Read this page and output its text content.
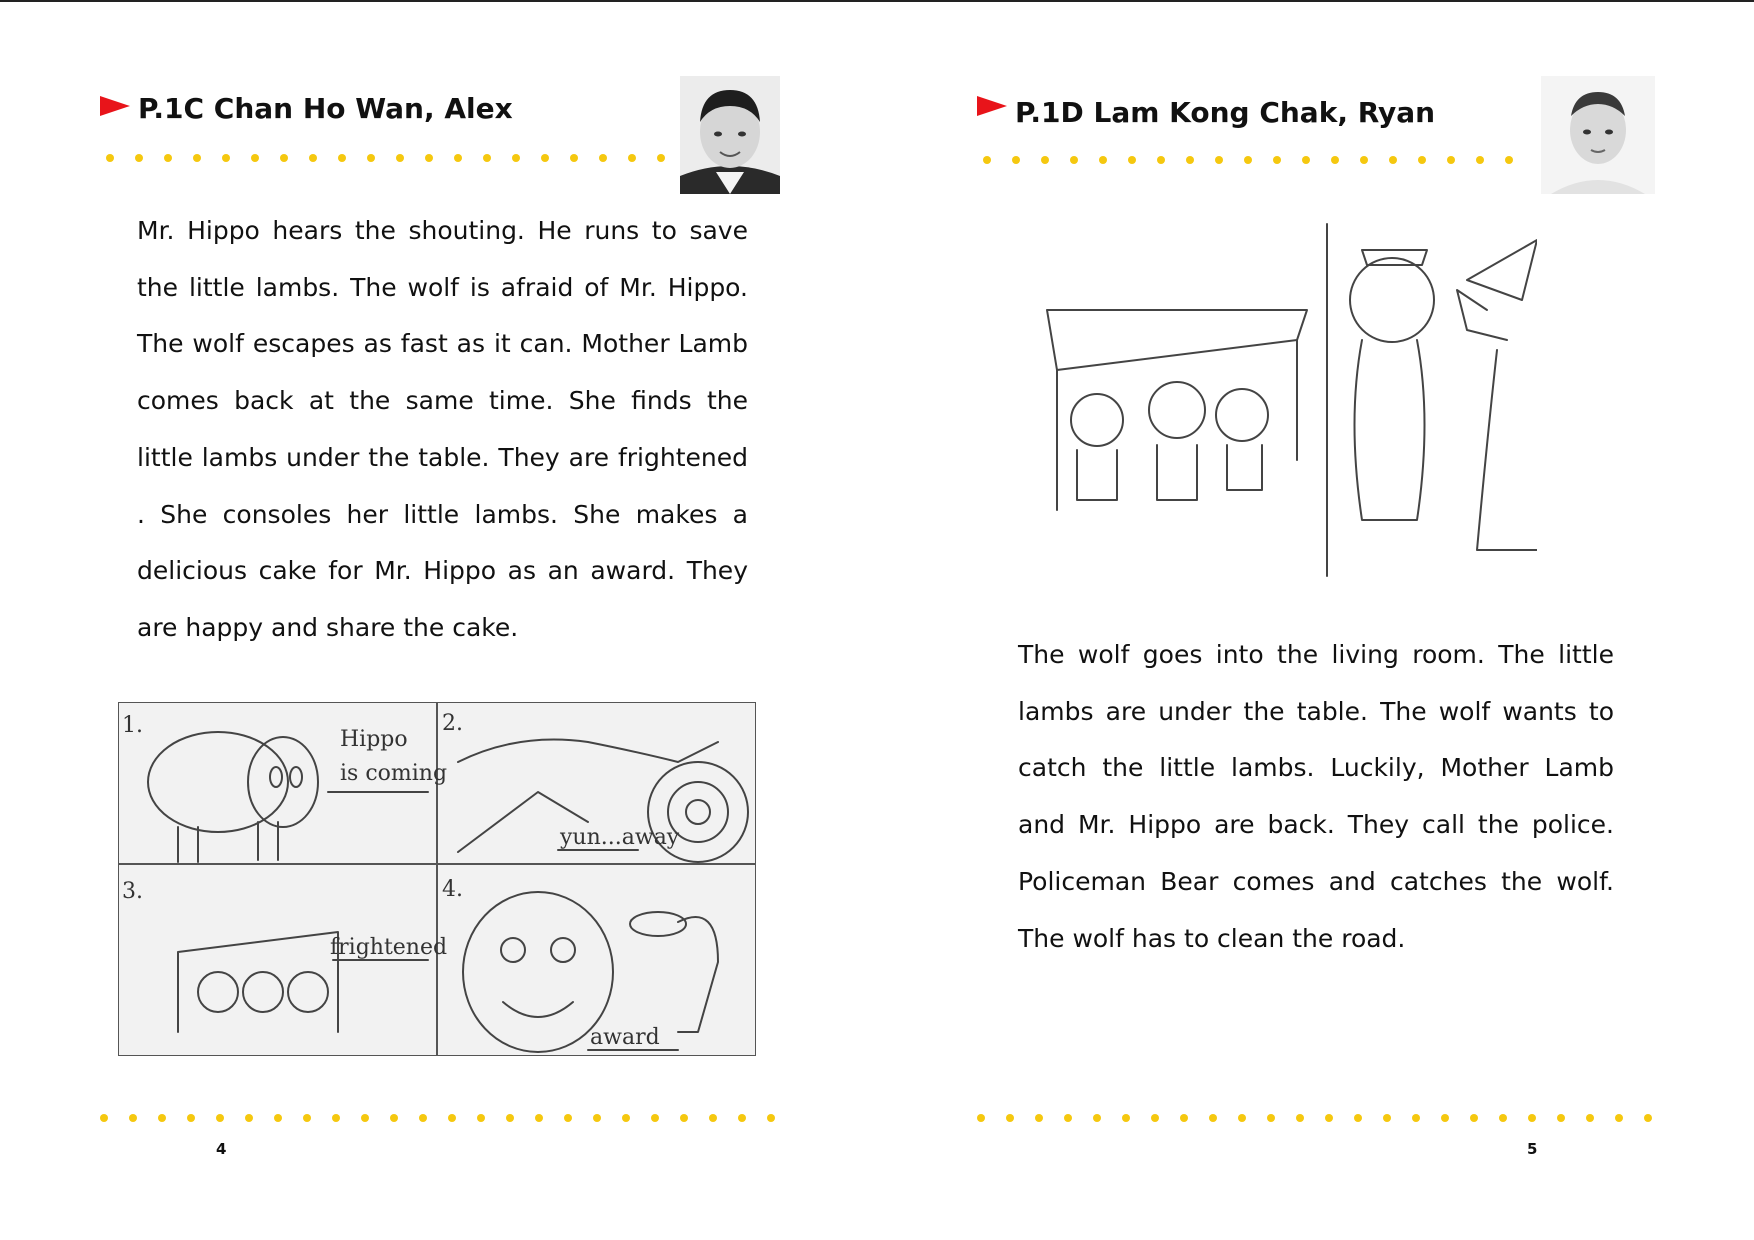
P.1C Chan Ho Wan, Alex
Mr. Hippo hears the shouting. He runs to save the little lambs. The wolf is afraid of Mr. Hippo. The wolf escapes as fast as it can. Mother Lamb comes back at the same time. She finds the little lambs under the table. They are frightened . She consoles her little lambs. She makes a delicious cake for Mr. Hippo as an award. They are happy and share the cake.
1.
Hippo
is coming
2.
yun...away
3.
frightened
4.
award
4
P.1D Lam Kong Chak, Ryan
The wolf goes into the living room. The little lambs are under the table. The wolf wants to catch the little lambs. Luckily, Mother Lamb and Mr. Hippo are back. They call the police. Policeman Bear comes and catches the wolf. The wolf has to clean the road.
5
